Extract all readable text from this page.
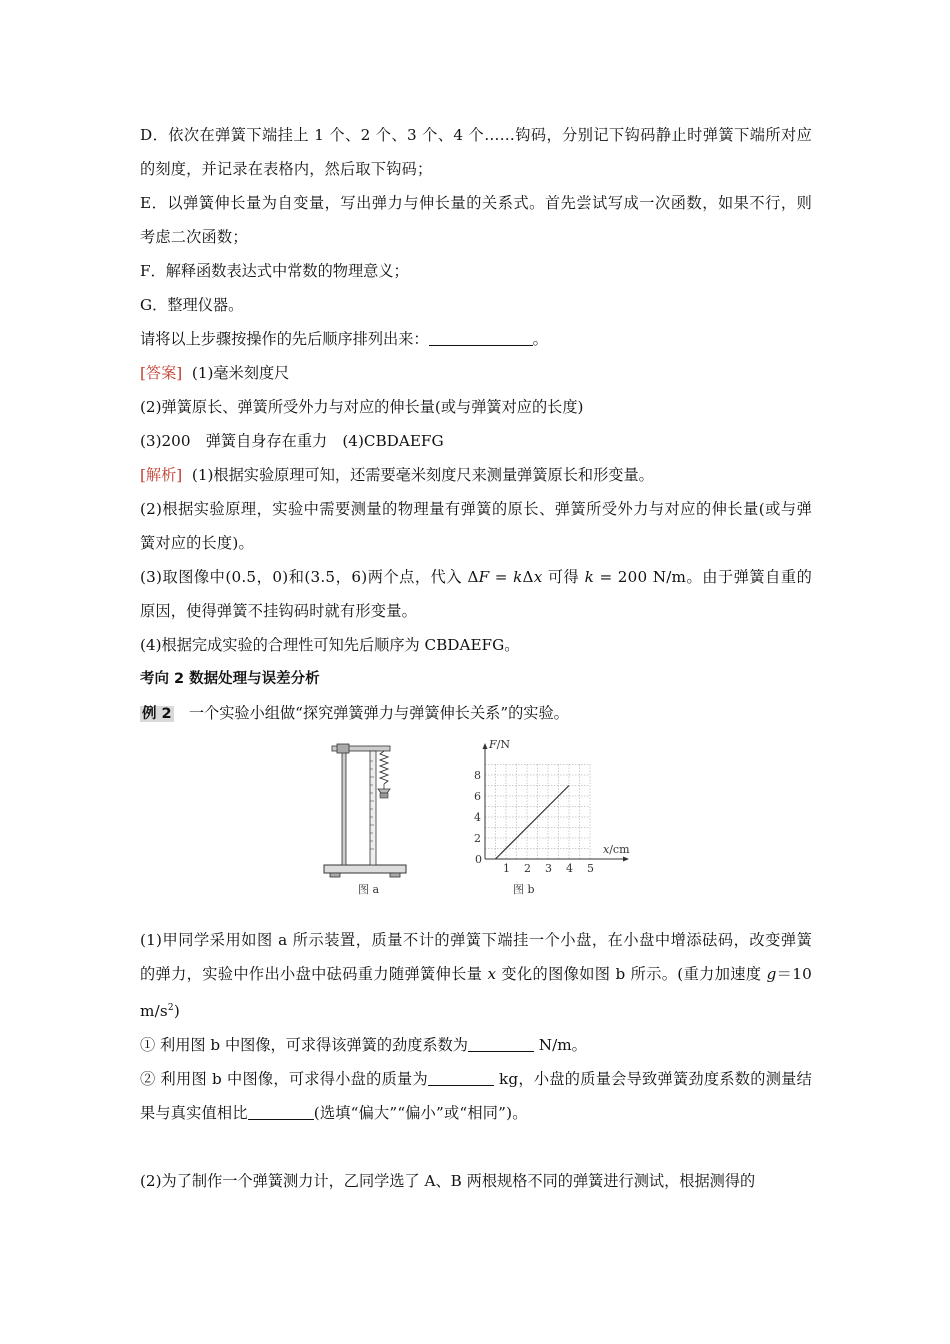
D．依次在弹簧下端挂上 1 个、2 个、3 个、4 个……钩码，分别记下钩码静止时弹簧下端所对应的刻度，并记录在表格内，然后取下钩码；

E．以弹簧伸长量为自变量，写出弹力与伸长量的关系式。首先尝试写成一次函数，如果不行，则考虑二次函数；

F．解释函数表达式中常数的物理意义；

G．整理仪器。

请将以上步骤按操作的先后顺序排列出来：	。

[答案] (1)毫米刻度尺

(2)弹簧原长、弹簧所受外力与对应的伸长量(或与弹簧对应的长度)

(3)200　弹簧自身存在重力　(4)CBDAEFG

[解析] (1)根据实验原理可知，还需要毫米刻度尺来测量弹簧原长和形变量。

(2)根据实验原理，实验中需要测量的物理量有弹簧的原长、弹簧所受外力与对应的伸长量(或与弹簧对应的长度)。

(3)取图像中(0.5，0)和(3.5，6)两个点，代入 ΔF = kΔx 可得 k = 200 N/m。由于弹簧自重的原因，使得弹簧不挂钩码时就有形变量。

(4)根据完成实验的合理性可知先后顺序为 CBDAEFG。

考向 2 数据处理与误差分析

例 2　一个实验小组做“探究弹簧弹力与弹簧伸长关系”的实验。

图 a
F/N
x/cm
0
1 2 3 4 5
2
4
6
8
图 b

(1)甲同学采用如图 a 所示装置，质量不计的弹簧下端挂一个小盘，在小盘中增添砝码，改变弹簧的弹力，实验中作出小盘中砝码重力随弹簧伸长量 x 变化的图像如图 b 所示。(重力加速度 g＝10 $m/s^2$)

① 利用图 b 中图像，可求得该弹簧的劲度系数为	N/m。

② 利用图 b 中图像，可求得小盘的质量为	kg，小盘的质量会导致弹簧劲度系数的测量结果与真实值相比	(选填“偏大”“偏小”或“相同”)。

(2)为了制作一个弹簧测力计，乙同学选了 A、B 两根规格不同的弹簧进行测试，根据测得的
